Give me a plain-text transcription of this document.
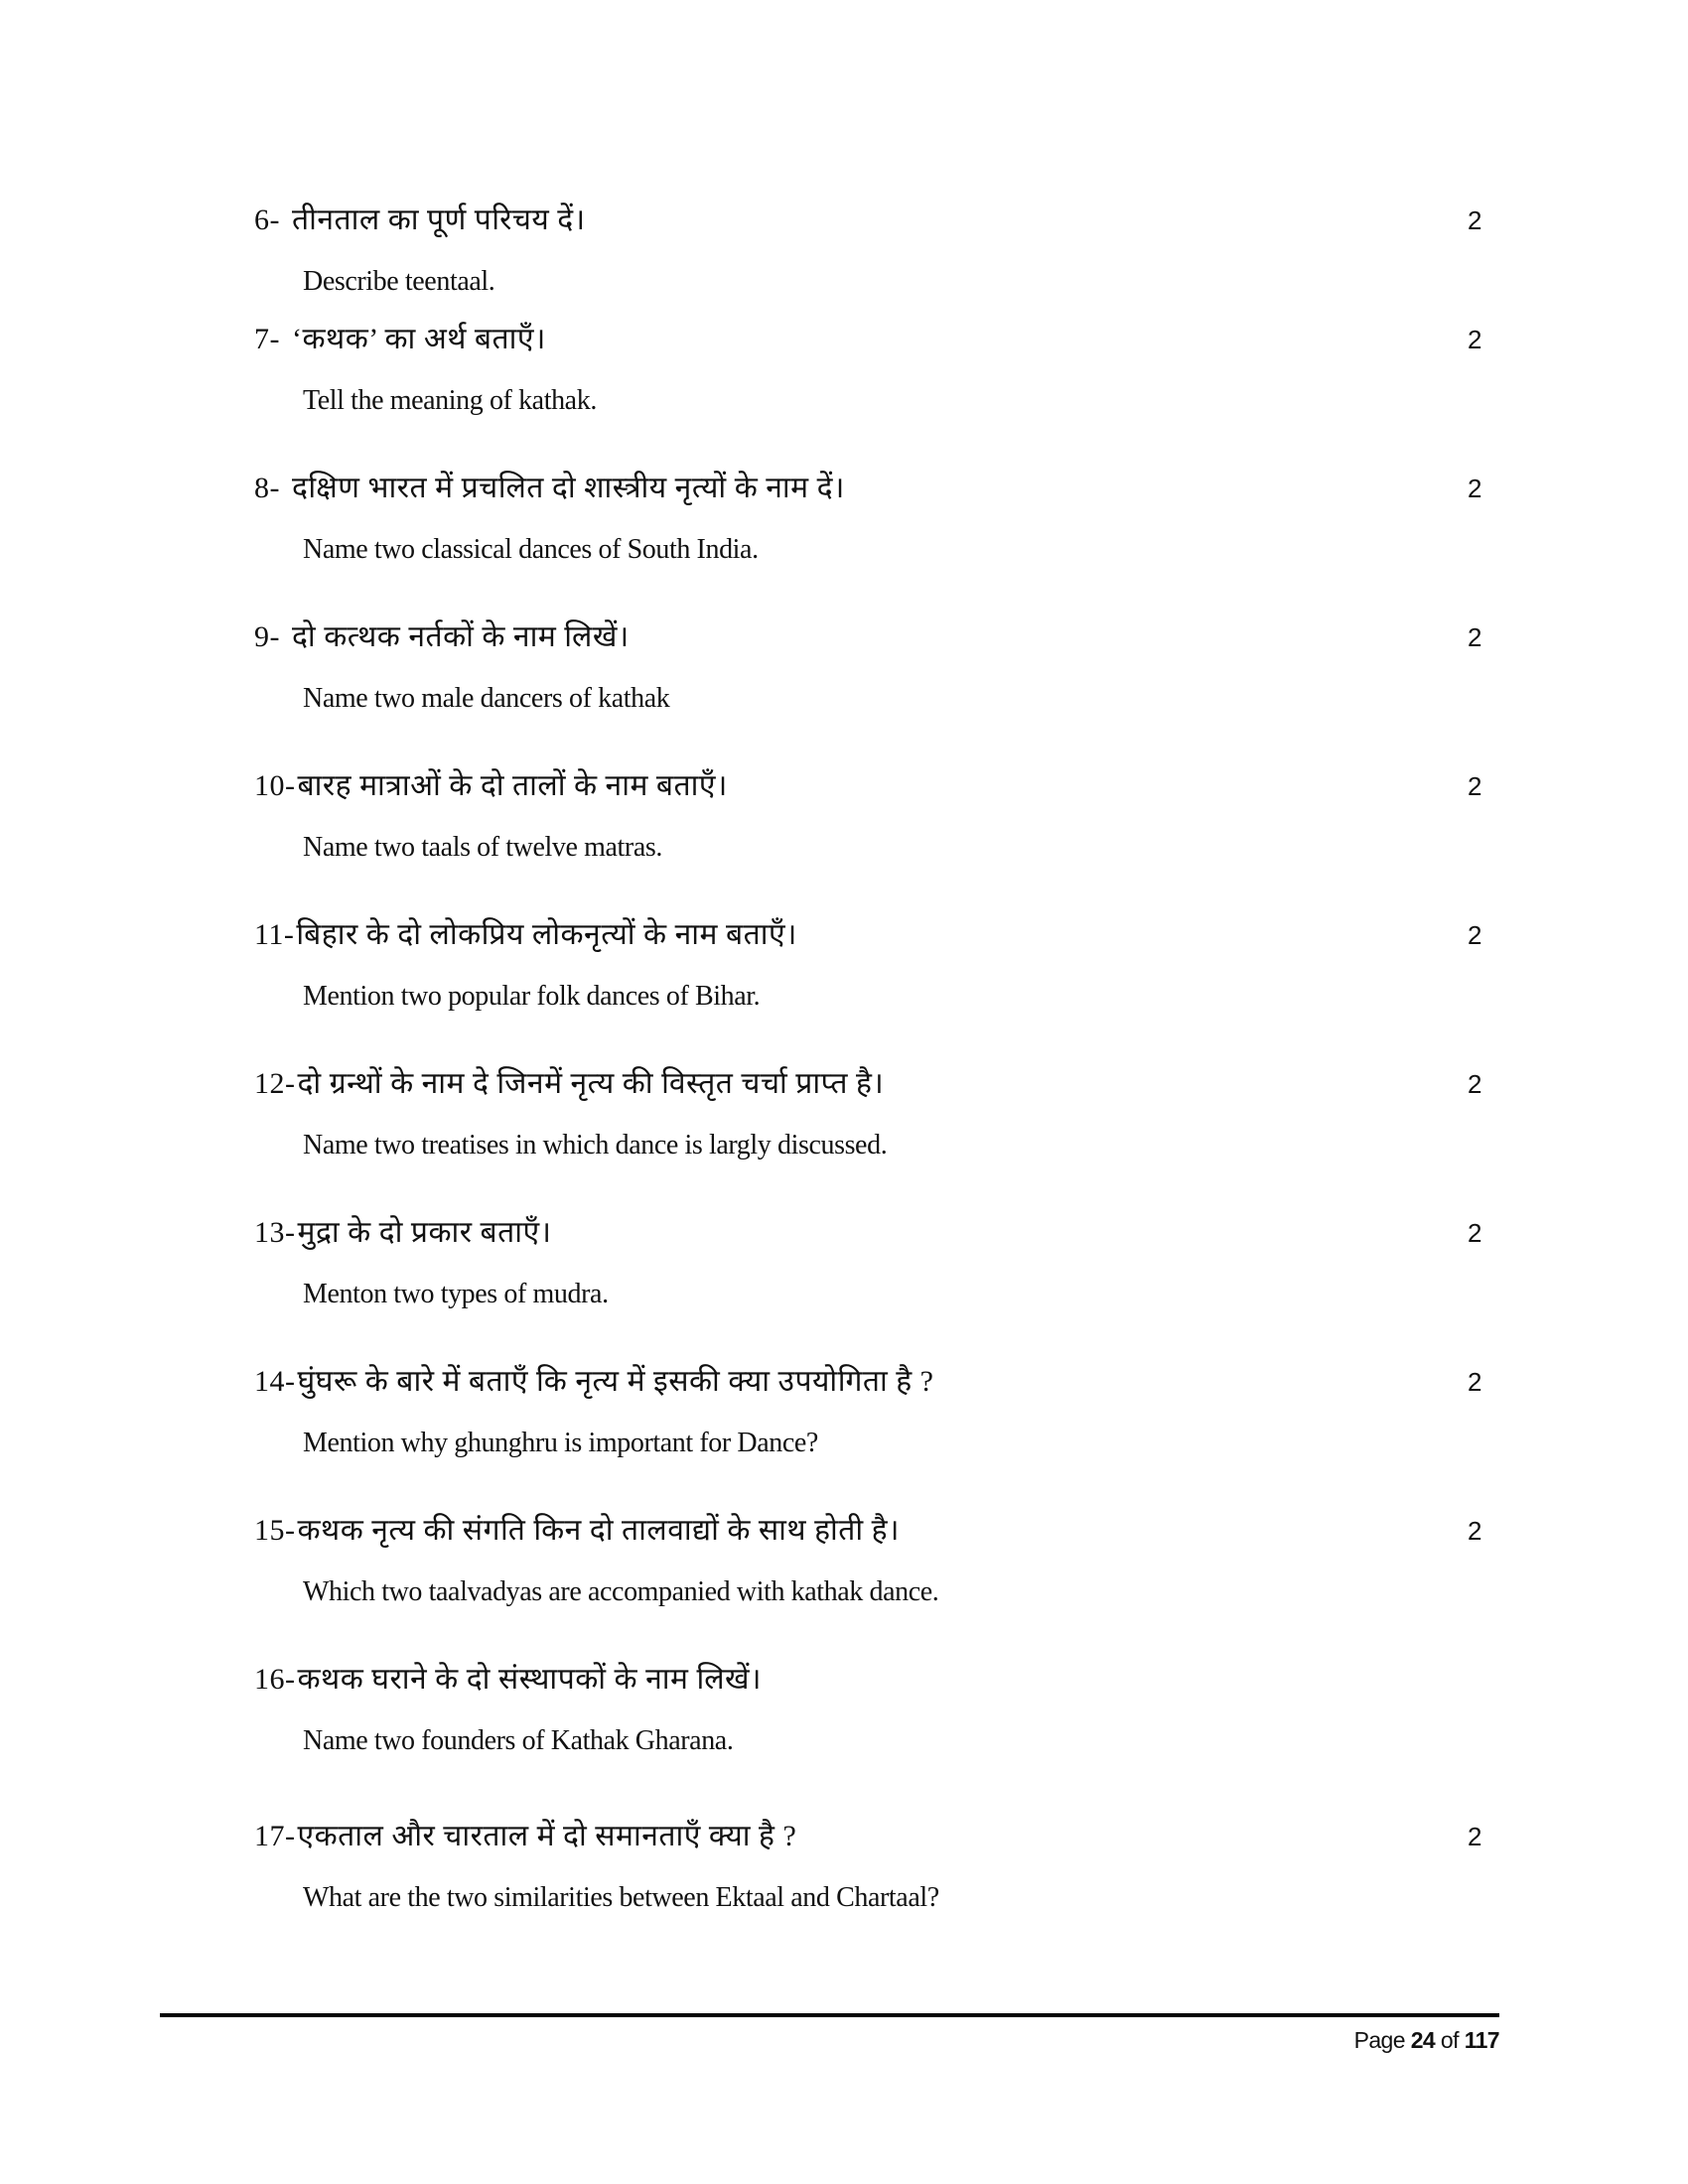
6- तीनताल का पूर्ण परिचय दें।
Describe teentaal.
2
7- ‘कथक’ का अर्थ बताएँ।
Tell the meaning of kathak.
2
8- दक्षिण भारत में प्रचलित दो शास्त्रीय नृत्यों के नाम दें।
Name two classical dances of South India.
2
9- दो कत्थक नर्तकों के नाम लिखें।
Name two male dancers of kathak
2
10-बारह मात्राओं के दो तालों के नाम बताएँ।
Name two taals of twelve matras.
2
11-बिहार के दो लोकप्रिय लोकनृत्यों के नाम बताएँ।
Mention two popular folk dances of Bihar.
2
12-दो ग्रन्थों के नाम दे जिनमें नृत्य की विस्तृत चर्चा प्राप्त है।
Name two treatises in which dance is largly discussed.
2
13-मुद्रा के दो प्रकार बताएँ।
Menton two types of mudra.
2
14-घुंघरू के बारे में बताएँ कि नृत्य में इसकी क्या उपयोगिता है ?
Mention why ghunghru is important for Dance?
2
15-कथक नृत्य की संगति किन दो तालवाद्यों के साथ होती है।
Which two taalvadyas are accompanied with kathak dance.
2
16-कथक घराने के दो संस्थापकों के नाम लिखें।
Name two founders of Kathak Gharana.
17-एकताल और चारताल में दो समानताएँ क्या है ?
What are the two similarities between Ektaal and Chartaal?
2
Page 24 of 117
